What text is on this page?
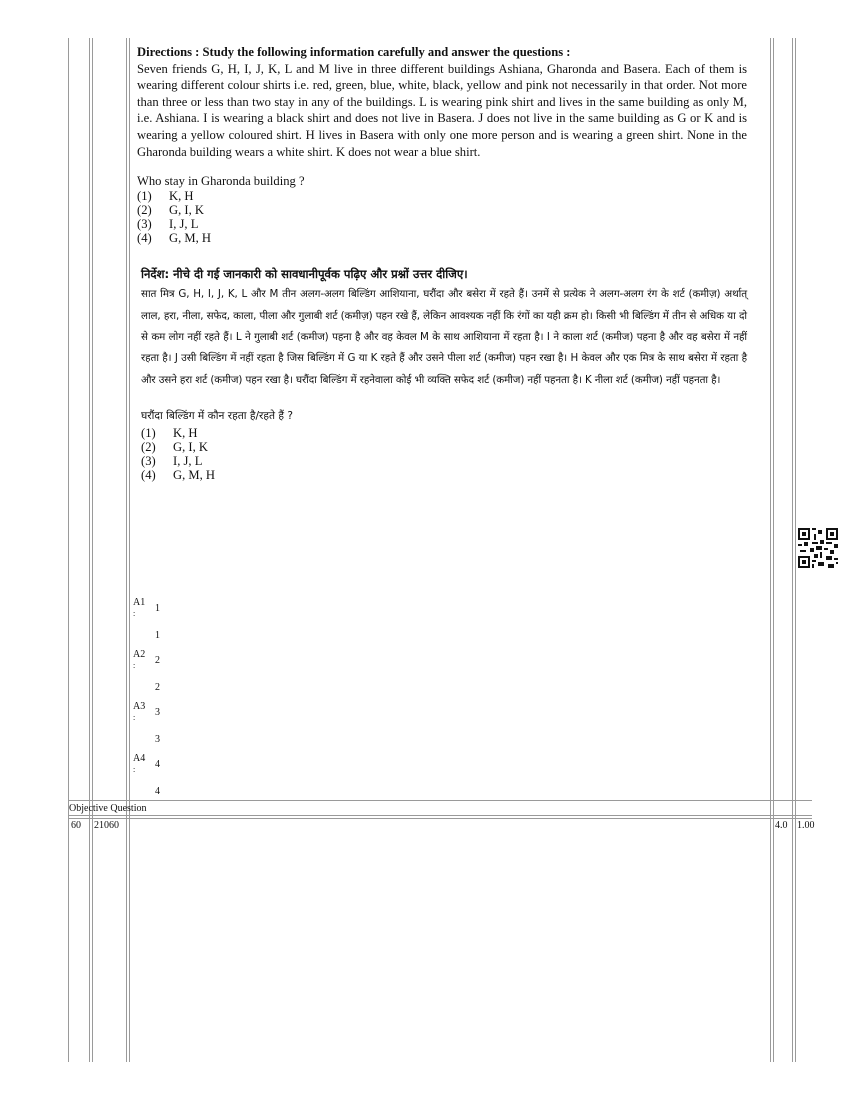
Directions : Study the following information carefully and answer the questions :
Seven friends G, H, I, J, K, L and M live in three different buildings Ashiana, Gharonda and Basera. Each of them is wearing different colour shirts i.e. red, green, blue, white, black, yellow and pink not necessarily in that order. Not more than three or less than two stay in any of the buildings. L is wearing pink shirt and lives in the same building as only M, i.e. Ashiana. I is wearing a black shirt and does not live in Basera. J does not live in the same building as G or K and is wearing a yellow coloured shirt. H lives in Basera with only one more person and is wearing a green shirt. None in the Gharonda building wears a white shirt. K does not wear a blue shirt.

Who stay in Gharonda building ?

(1)	K, H
(2)	G, I, K
(3)	I, J, L
(4)	G, M, H

निर्देश: नीचे दी गई जानकारी को सावधानीपूर्वक पढ़िए और प्रश्नों उत्तर दीजिए।

सात मित्र G, H, I, J, K, L और M तीन अलग-अलग बिल्डिंग आशियाना, घरौंदा और बसेरा में रहते हैं। उनमें से प्रत्येक ने अलग-अलग रंग के शर्ट (कमीज़) अर्थात् लाल, हरा, नीला, सफेद, काला, पीला और गुलाबी शर्ट (कमीज़) पहन रखे हैं, लेकिन आवश्यक नहीं कि रंगों का यही क्रम हो। किसी भी बिल्डिंग में तीन से अधिक या दो से कम लोग नहीं रहते हैं। L ने गुलाबी शर्ट (कमीज) पहना है और वह केवल M के साथ आशियाना में रहता है। I ने काला शर्ट (कमीज) पहना है और वह बसेरा में नहीं रहता है। J उसी बिल्डिंग में नहीं रहता है जिस बिल्डिंग में G या K रहते हैं और उसने पीला शर्ट (कमीज) पहन रखा है। H केवल और एक मित्र के साथ बसेरा में रहता है और उसने हरा शर्ट (कमीज) पहन रखा है। घरौंदा बिल्डिंग में रहनेवाला कोई भी व्यक्ति सफेद शर्ट (कमीज) नहीं पहनता है। K नीला शर्ट (कमीज) नहीं पहनता है।

घरौंदा बिल्डिंग में कौन रहता है/रहते हैं ?

(1)	K, H
(2)	G, I, K
(3)	I, J, L
(4)	G, M, H
A1
: 1
1
A2
: 2
2
A3
: 3
3
A4
: 4
4
Objective Question
60 21060	4.0 1.00
